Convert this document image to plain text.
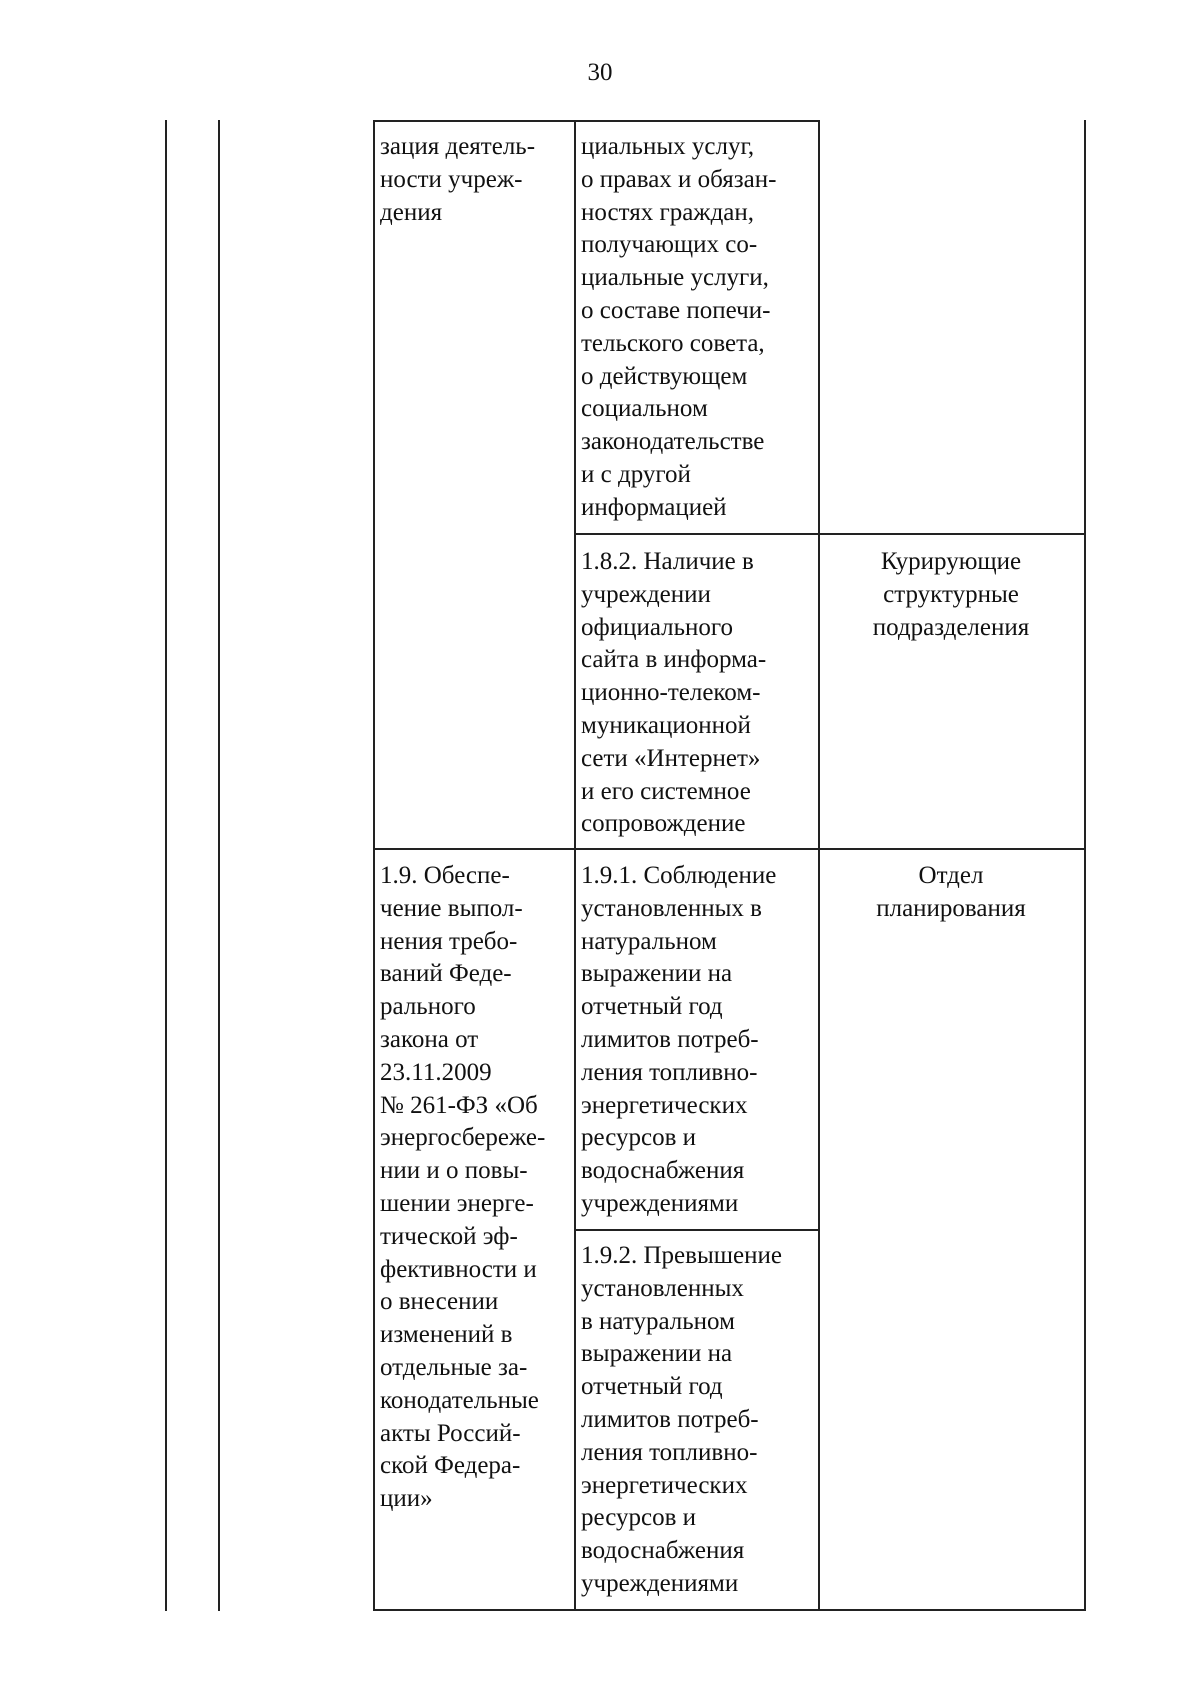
30
зация деятель-
ности учреж-
дения
циальных услуг,
о правах и обязан-
ностях граждан,
получающих со-
циальные услуги,
о составе попечи-
тельского совета,
о действующем
социальном
законодательстве
и с другой
информацией
1.8.2. Наличие в
учреждении
официального
сайта в информа-
ционно-телеком-
муникационной
сети «Интернет»
и его системное
сопровождение
Курирующие
структурные
подразделения
1.9. Обеспе-
чение выпол-
нения требо-
ваний Феде-
рального
закона от
23.11.2009
№ 261-ФЗ «Об
энергосбереже-
нии и о повы-
шении энерге-
тической эф-
фективности и
о внесении
изменений в
отдельные за-
конодательные
акты Россий-
ской Федера-
ции»
1.9.1. Соблюдение
установленных в
натуральном
выражении на
отчетный год
лимитов потреб-
ления топливно-
энергетических
ресурсов и
водоснабжения
учреждениями
1.9.2. Превышение
установленных
в натуральном
выражении на
отчетный год
лимитов потреб-
ления топливно-
энергетических
ресурсов и
водоснабжения
учреждениями
Отдел
планирования
